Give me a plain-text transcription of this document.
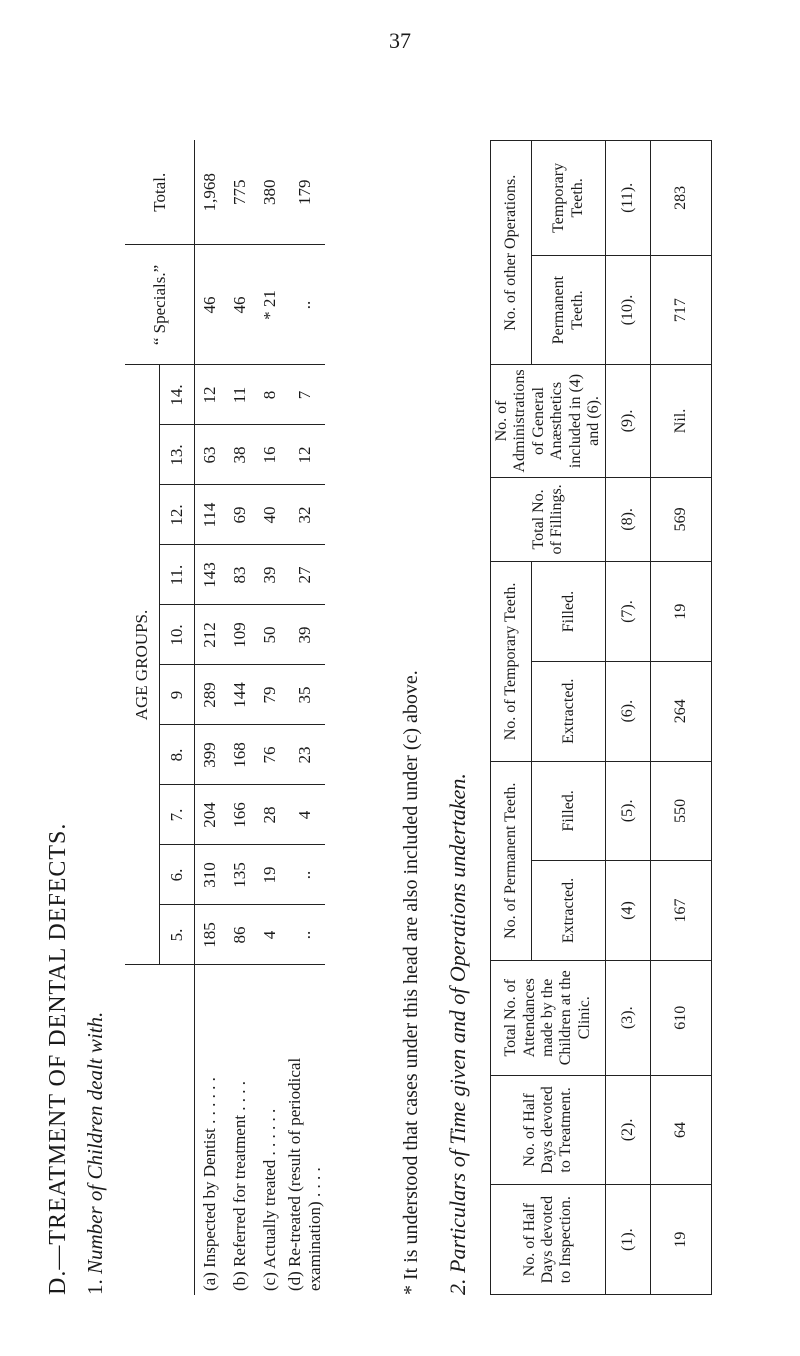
37
D.—TREATMENT OF DENTAL DEFECTS. 1. Number of Children dealt with.
	AGE GROUPS.										“ Specials.”	Total.
	5.	6.	7.	8.	9	10.	11.	12.	13.	14.		
(a) Inspected by Dentist . . . . . .	185	310	204	399	289	212	143	114	63	12	46	1,968
(b) Referred for treatment . . . .	86	135	166	168	144	109	83	69	38	11	46	775
(c) Actually treated . . . . . .	4	19	28	76	79	50	39	40	16	8	* 21	380
(d) Re-treated (result of periodical examination) . . . .	..	..	4	23	35	39	27	32	12	7	..	179
* It is understood that cases under this head are also included under (c) above. 2. Particulars of Time given and of Operations undertaken.	No. of Half Days devoted to Inspection.	No. of Half Days devoted to Treatment.	Total No. of Attendances made by the Children at the Clinic.	No. of Permanent Teeth.		No. of Temporary Teeth.		Total No. of Fillings.	No. of Administrations of General Anæsthetics included in (4) and (6).	No. of other Operations.	
			Extracted.	Filled.	Extracted.	Filled.			Permanent Teeth.	Temporary Teeth.
(1).	(2).	(3).	(4)	(5).	(6).	(7).	(8).	(9).	(10).	(11).
19	64	610	167	550	264	19	569	Nil.	717	283
